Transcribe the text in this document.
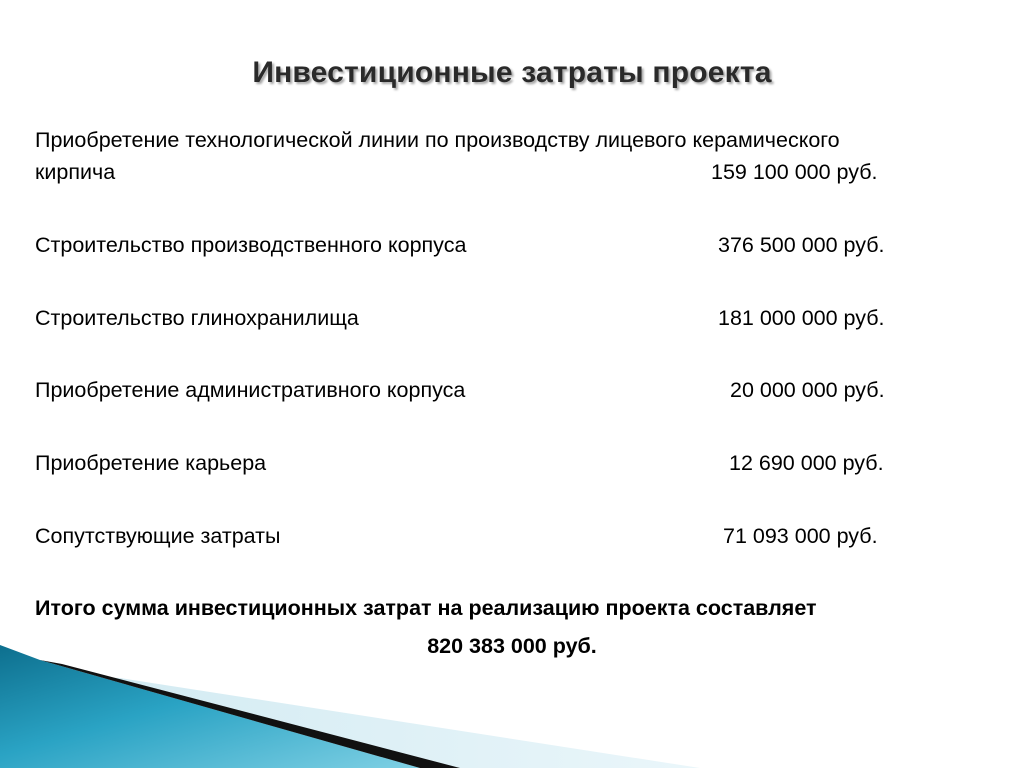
Инвестиционные затраты проекта
Приобретение технологической линии по производству лицевого керамического
кирпича	159 100 000 руб.
Строительство производственного корпуса	376 500 000 руб.
Строительство глинохранилища	181 000 000 руб.
Приобретение административного корпуса	20 000 000 руб.
Приобретение карьера	12 690 000 руб.
Сопутствующие затраты	71 093 000 руб.
Итого сумма инвестиционных затрат на реализацию проекта составляет
820 383 000 руб.
